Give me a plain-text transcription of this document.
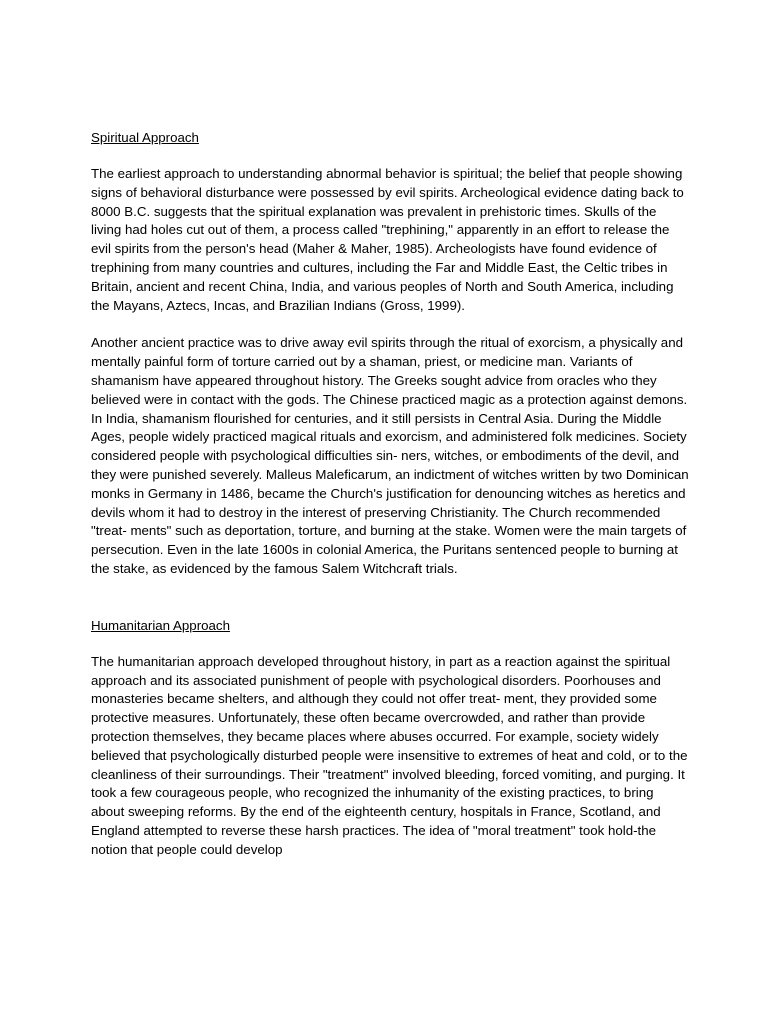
Spiritual Approach

The earliest approach to understanding abnormal behavior is spiritual; the belief that people showing signs of behavioral disturbance were possessed by evil spirits. Archeological evidence dating back to 8000 B.C. suggests that the spiritual explanation was prevalent in prehistoric times. Skulls of the living had holes cut out of them, a process called "trephining," apparently in an effort to release the evil spirits from the person's head (Maher & Maher, 1985). Archeologists have found evidence of trephining from many countries and cultures, including the Far and Middle East, the Celtic tribes in Britain, ancient and recent China, India, and various peoples of North and South America, including the Mayans, Aztecs, Incas, and Brazilian Indians (Gross, 1999).

Another ancient practice was to drive away evil spirits through the ritual of exorcism, a physically and mentally painful form of torture carried out by a shaman, priest, or medicine man. Variants of shamanism have appeared throughout history. The Greeks sought advice from oracles who they believed were in contact with the gods. The Chinese practiced magic as a protection against demons. In India, shamanism flourished for centuries, and it still persists in Central Asia. During the Middle Ages, people widely practiced magical rituals and exorcism, and administered folk medicines. Society considered people with psychological difficulties sin- ners, witches, or embodiments of the devil, and they were punished severely. Malleus Maleficarum, an indictment of witches written by two Dominican monks in Germany in 1486, became the Church's justification for denouncing witches as heretics and devils whom it had to destroy in the interest of preserving Christianity. The Church recommended "treat- ments" such as deportation, torture, and burning at the stake. Women were the main targets of persecution. Even in the late 1600s in colonial America, the Puritans sentenced people to burning at the stake, as evidenced by the famous Salem Witchcraft trials.

Humanitarian Approach

The humanitarian approach developed throughout history, in part as a reaction against the spiritual approach and its associated punishment of people with psychological disorders. Poorhouses and monasteries became shelters, and although they could not offer treat- ment, they provided some protective measures. Unfortunately, these often became overcrowded, and rather than provide protection themselves, they became places where abuses occurred. For example, society widely believed that psychologically disturbed people were insensitive to extremes of heat and cold, or to the cleanliness of their surroundings. Their "treatment" involved bleeding, forced vomiting, and purging. It took a few courageous people, who recognized the inhumanity of the existing practices, to bring about sweeping reforms. By the end of the eighteenth century, hospitals in France, Scotland, and England attempted to reverse these harsh practices. The idea of "moral treatment" took hold-the notion that people could develop
